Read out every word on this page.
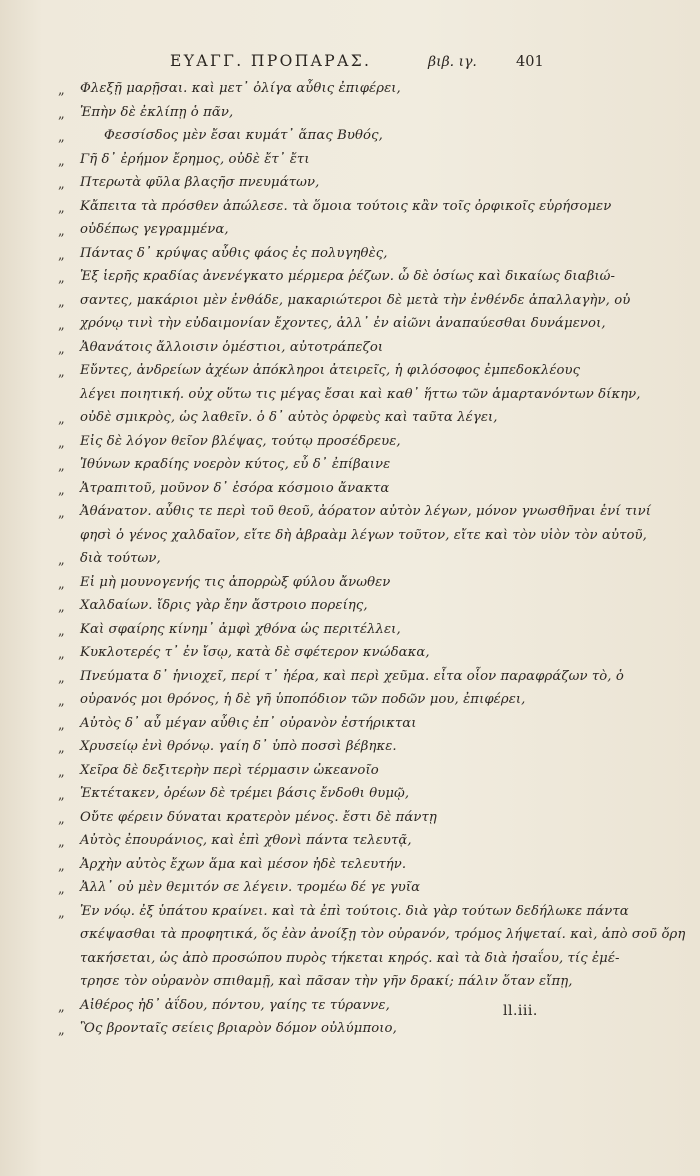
ΕΥΑΓΓ. ΠΡΟΠΑΡΑΣ.	βιβ. ιγ.	401
„ Φλεξῇ μαρῇσαι. καὶ μετ᾽ ὀλίγα αὖθις ἐπιφέρει,
„ Ἐπὴν δὲ ἐκλίπῃ ὁ πᾶν,
„	Φεσσίσδος μὲν ἔσαι κυμάτ᾽ ἅπας Βυθός,
„ Γῆ δ᾽ ἐρήμον ἔρημος, οὐδὲ ἔτ᾽ ἔτι
„ Πτερωτὰ φῦλα βλαςῆσ πνευμάτων,
„ Κἄπειτα τὰ πρόσθεν ἀπώλεσε. τὰ ὅμοια τούτοις κἂν τοῖς ὀρφικοῖς εὑρήσομεν
„ οὐδέπως γεγραμμένα,
„ Πάντας δ᾽ κρύψας αὖθις φάος ἐς πολυγηθὲς,
„ Ἐξ ἱερῆς κραδίας ἀνενέγκατο μέρμερα ῥέζων. ὧ δὲ ὁσίως καὶ δικαίως διαβιώ-
„ σαντες, μακάριοι μὲν ἐνθάδε, μακαριώτεροι δὲ μετὰ τὴν ἐνθένδε ἀπαλλαγὴν, οὐ
„ χρόνῳ τινὶ τὴν εὐδαιμονίαν ἔχοντες, ἀλλ᾽ ἐν αἰῶνι ἀναπαύεσθαι δυνάμενοι,
„ Ἀθανάτοις ἄλλοισιν ὁμέστιοι, αὐτοτράπεζοι
„ Εὔντες, ἀνδρείων ἀχέων ἀπόκληροι ἀτειρεῖς, ἡ φιλόσοφος ἐμπεδοκλέους
λέγει ποιητική. οὐχ οὕτω τις μέγας ἔσαι καὶ καθ᾽ ἥττω τῶν ἁμαρτανόντων δίκην,
„ οὐδὲ σμικρὸς, ὡς λαθεῖν. ὁ δ᾽ αὐτὸς ὀρφεὺς καὶ ταῦτα λέγει,
„ Εἰς δὲ λόγον θεῖον βλέψας, τούτῳ προσέδρευε,
„ Ἰθύνων κραδίης νοερὸν κύτος, εὖ δ᾽ ἐπίβαινε
„ Ἀτραπιτοῦ, μοῦνον δ᾽ ἐσόρα κόσμοιο ἄνακτα
„ Ἀθάνατον. αὖθις τε περὶ τοῦ θεοῦ, ἀόρατον αὐτὸν λέγων, μόνον γνωσθῆναι ἑνί τινί
φησὶ ὁ γένος χαλδαῖον, εἴτε δὴ ἀβραὰμ λέγων τοῦτον, εἴτε καὶ τὸν υἱὸν τὸν αὐτοῦ,
„ διὰ τούτων,
„ Εἰ μὴ μουνογενής τις ἀπορρὼξ φύλου ἄνωθεν
„ Χαλδαίων. ἴδρις γὰρ ἔην ἄστροιο πορείης,
„ Καὶ σφαίρης κίνημ᾽ ἀμφὶ χθόνα ὡς περιτέλλει,
„ Κυκλοτερές τ᾽ ἐν ἴσῳ, κατὰ δὲ σφέτερον κνώδακα,
„ Πνεύματα δ᾽ ἡνιοχεῖ, περί τ᾽ ἠέρα, καὶ περὶ χεῦμα. εἶτα οἷον παραφράζων τὸ, ὁ
„ οὐρανός μοι θρόνος, ἡ δὲ γῆ ὑποπόδιον τῶν ποδῶν μου, ἐπιφέρει,
„ Αὐτὸς δ᾽ αὖ μέγαν αὖθις ἐπ᾽ οὐρανὸν ἐστήρικται
„ Χρυσείῳ ἐνὶ θρόνῳ. γαίη δ᾽ ὑπὸ ποσσὶ βέβηκε.
„ Χεῖρα δὲ δεξιτερὴν περὶ τέρμασιν ὠκεανοῖο
„ Ἐκτέτακεν, ὀρέων δὲ τρέμει βάσις ἔνδοθι θυμῷ,
„ Οὔτε φέρειν δύναται κρατερὸν μένος. ἔστι δὲ πάντῃ
„ Αὐτὸς ἐπουράνιος, καὶ ἐπὶ χθονὶ πάντα τελευτᾷ,
„ Ἀρχὴν αὐτὸς ἔχων ἅμα καὶ μέσον ἠδὲ τελευτήν.
„ Ἀλλ᾽ οὐ μὲν θεμιτόν σε λέγειν. τρομέω δέ γε γυῖα
„ Ἐν νόῳ. ἐξ ὑπάτου κραίνει. καὶ τὰ ἐπὶ τούτοις. διὰ γὰρ τούτων δεδήλωκε πάντα
σκέψασθαι τὰ προφητικά, ὅς ἐὰν ἀνοίξῃ τὸν οὐρανόν, τρόμος λήψεταί. καὶ, ἀπὸ σοῦ ὄρη
τακήσεται, ὡς ἀπὸ προσώπου πυρὸς τήκεται κηρός. καὶ τὰ διὰ ἠσαΐου, τίς ἐμέ-
τρησε τὸν οὐρανὸν σπιθαμῇ, καὶ πᾶσαν τὴν γῆν δρακί; πάλιν ὅταν εἴπῃ,
„ Αἰθέρος ἠδ᾽ ἀΐδου, πόντου, γαίης τε τύραννε,
„ Ὃς βρονταῖς σείεις βριαρὸν δόμον οὐλύμποιο,
ll.iii.
